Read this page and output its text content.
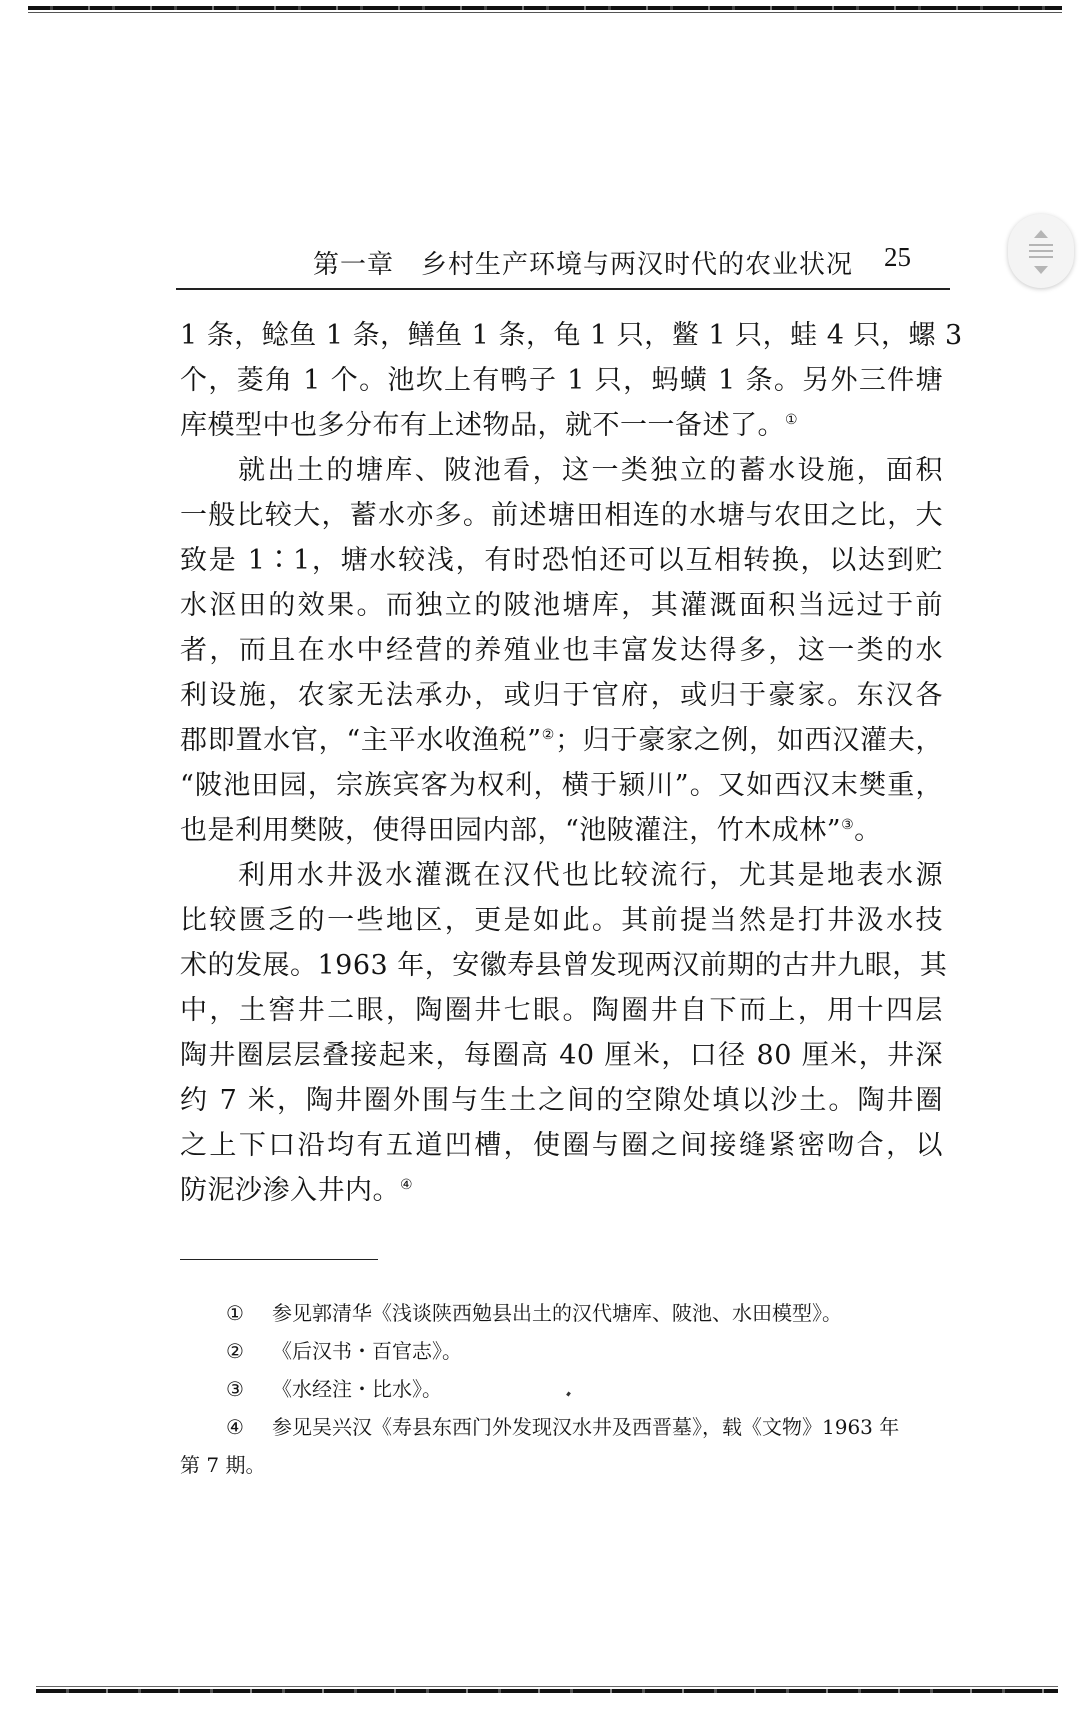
第一章　乡村生产环境与两汉时代的农业状况 25
1 条，鲶鱼 1 条，鳝鱼 1 条，龟 1 只，鳖 1 只，蛙 4 只，螺 3
个，菱角 1 个。池坎上有鸭子 1 只，蚂蟥 1 条。另外三件塘
库模型中也多分布有上述物品，就不一一备述了。①
就出土的塘库、陂池看，这一类独立的蓄水设施，面积
一般比较大，蓄水亦多。前述塘田相连的水塘与农田之比，大
致是 1∶1，塘水较浅，有时恐怕还可以互相转换，以达到贮
水沤田的效果。而独立的陂池塘库，其灌溉面积当远过于前
者，而且在水中经营的养殖业也丰富发达得多，这一类的水
利设施，农家无法承办，或归于官府，或归于豪家。东汉各
郡即置水官，“主平水收渔税”②；归于豪家之例，如西汉灌夫，
“陂池田园，宗族宾客为权利，横于颍川”。又如西汉末樊重，
也是利用樊陂，使得田园内部，“池陂灌注，竹木成林”③。
利用水井汲水灌溉在汉代也比较流行，尤其是地表水源
比较匮乏的一些地区，更是如此。其前提当然是打井汲水技
术的发展。1963 年，安徽寿县曾发现两汉前期的古井九眼，其
中，土窖井二眼，陶圈井七眼。陶圈井自下而上，用十四层
陶井圈层层叠接起来，每圈高 40 厘米，口径 80 厘米，井深
约 7 米，陶井圈外围与生土之间的空隙处填以沙土。陶井圈
之上下口沿均有五道凹槽，使圈与圈之间接缝紧密吻合，以
防泥沙渗入井内。④
① 参见郭清华《浅谈陕西勉县出土的汉代塘库、陂池、水田模型》。
② 《后汉书・百官志》。
③ 《水经注・比水》。
④ 参见吴兴汉《寿县东西门外发现汉水井及西晋墓》，载《文物》1963 年
第 7 期。
